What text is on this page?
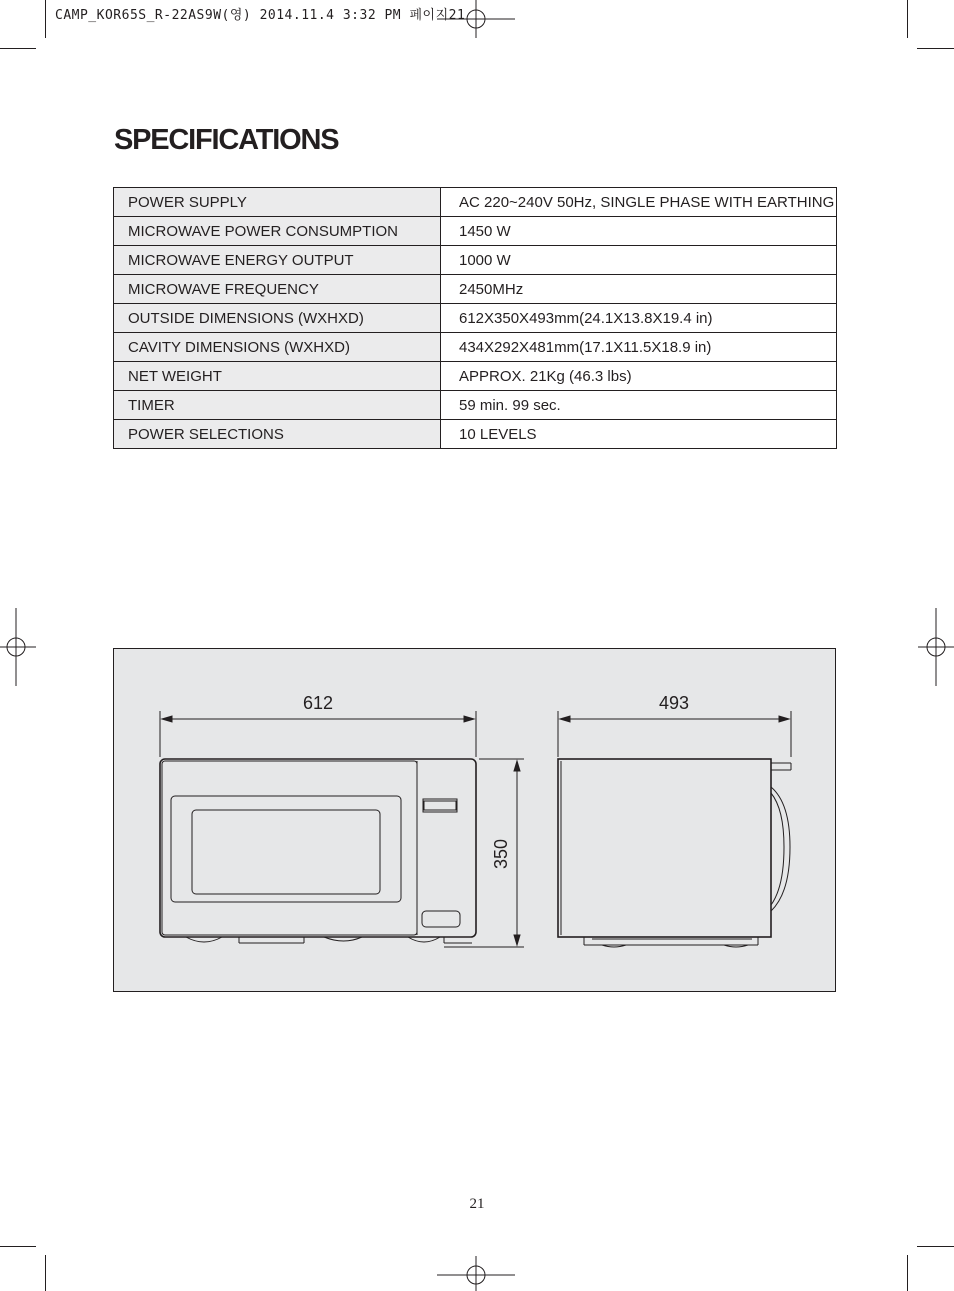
CAMP_KOR65S_R-22AS9W(영) 2014.11.4 3:32 PM 페이지21
SPECIFICATIONS
POWER SUPPLY	AC 220~240V 50Hz, SINGLE PHASE WITH EARTHING
MICROWAVE POWER CONSUMPTION	1450 W
MICROWAVE ENERGY OUTPUT	1000 W
MICROWAVE FREQUENCY	2450MHz
OUTSIDE DIMENSIONS (WXHXD)	612X350X493mm(24.1X13.8X19.4 in)
CAVITY DIMENSIONS (WXHXD)	434X292X481mm(17.1X11.5X18.9 in)
NET WEIGHT	APPROX. 21Kg (46.3 lbs)
TIMER	59 min. 99 sec.
POWER SELECTIONS	10 LEVELS
612	493
350
21
